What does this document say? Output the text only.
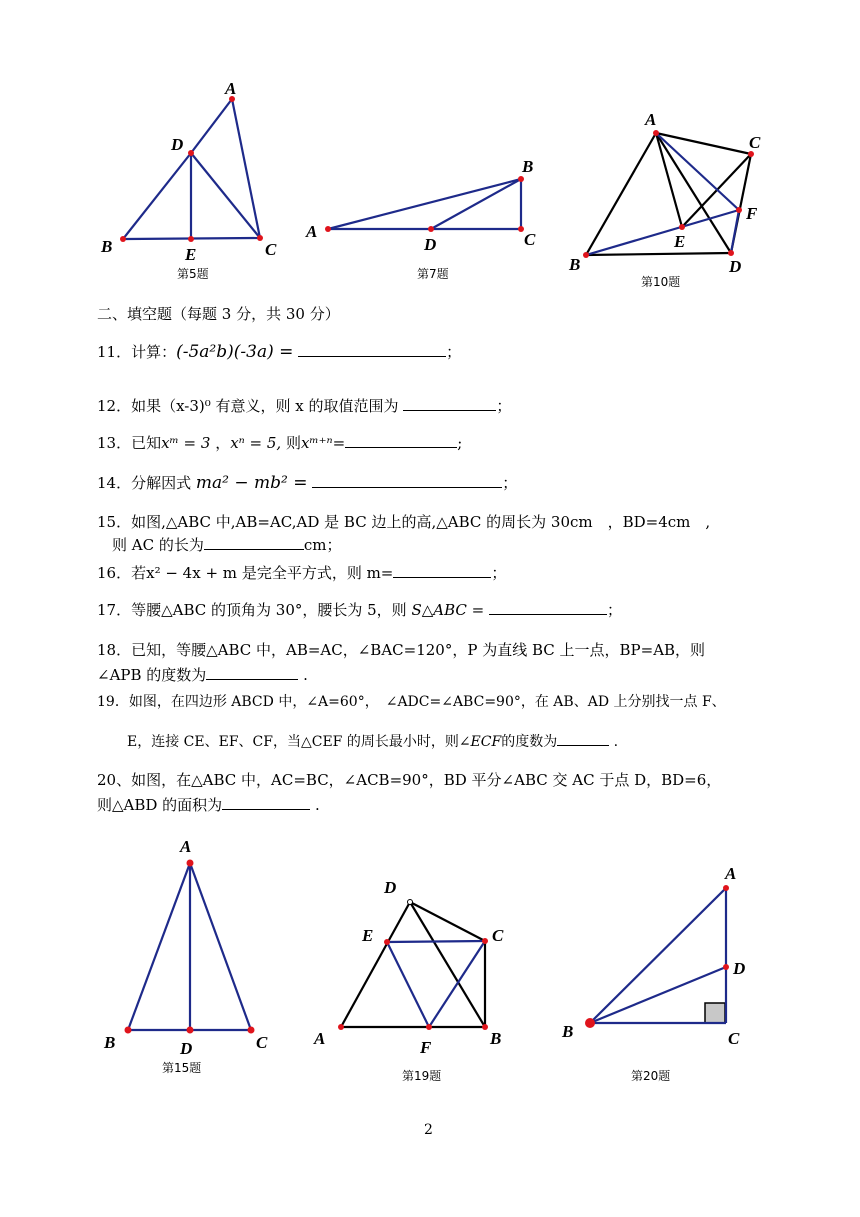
A
D
B	E	C
第5题
A
D	C
B
第7题
A
C
F
E
B	D
第10题
二、填空题（每题 3 分，共 30 分）
11．计算：(-5a²b)(-3a) =	；
12．如果（x-3)⁰ 有意义，则 x 的取值范围为	；
13．已知xᵐ = 3 ，xⁿ = 5, 则xᵐ⁺ⁿ=	;
14．分解因式 ma² − mb² =	；
15．如图,△ABC 中,AB=AC,AD 是 BC 边上的高,△ABC 的周长为 30cm　，BD=4cm　,
则 AC 的长为	cm；
16．若x² − 4x + m 是完全平方式，则 m=	；
17．等腰△ABC 的顶角为 30°，腰长为 5，则 S△ABC =	；
18．已知，等腰△ABC 中，AB=AC，∠BAC=120°，P 为直线 BC 上一点，BP=AB，则
∠APB 的度数为	.
19．如图，在四边形 ABCD 中，∠A=60°，　∠ADC=∠ABC=90°，在 AB、AD 上分别找一点 F、
E，连接 CE、EF、CF，当△CEF 的周长最小时，则∠ECF的度数为	.
20、如图，在△ABC 中，AC=BC，∠ACB=90°，BD 平分∠ABC 交 AC 于点 D，BD=6，
则△ABD 的面积为	.
A
B	D	C
第15题
D
E	C
A	F	B
第19题
A
D
B	C
第20题
2
